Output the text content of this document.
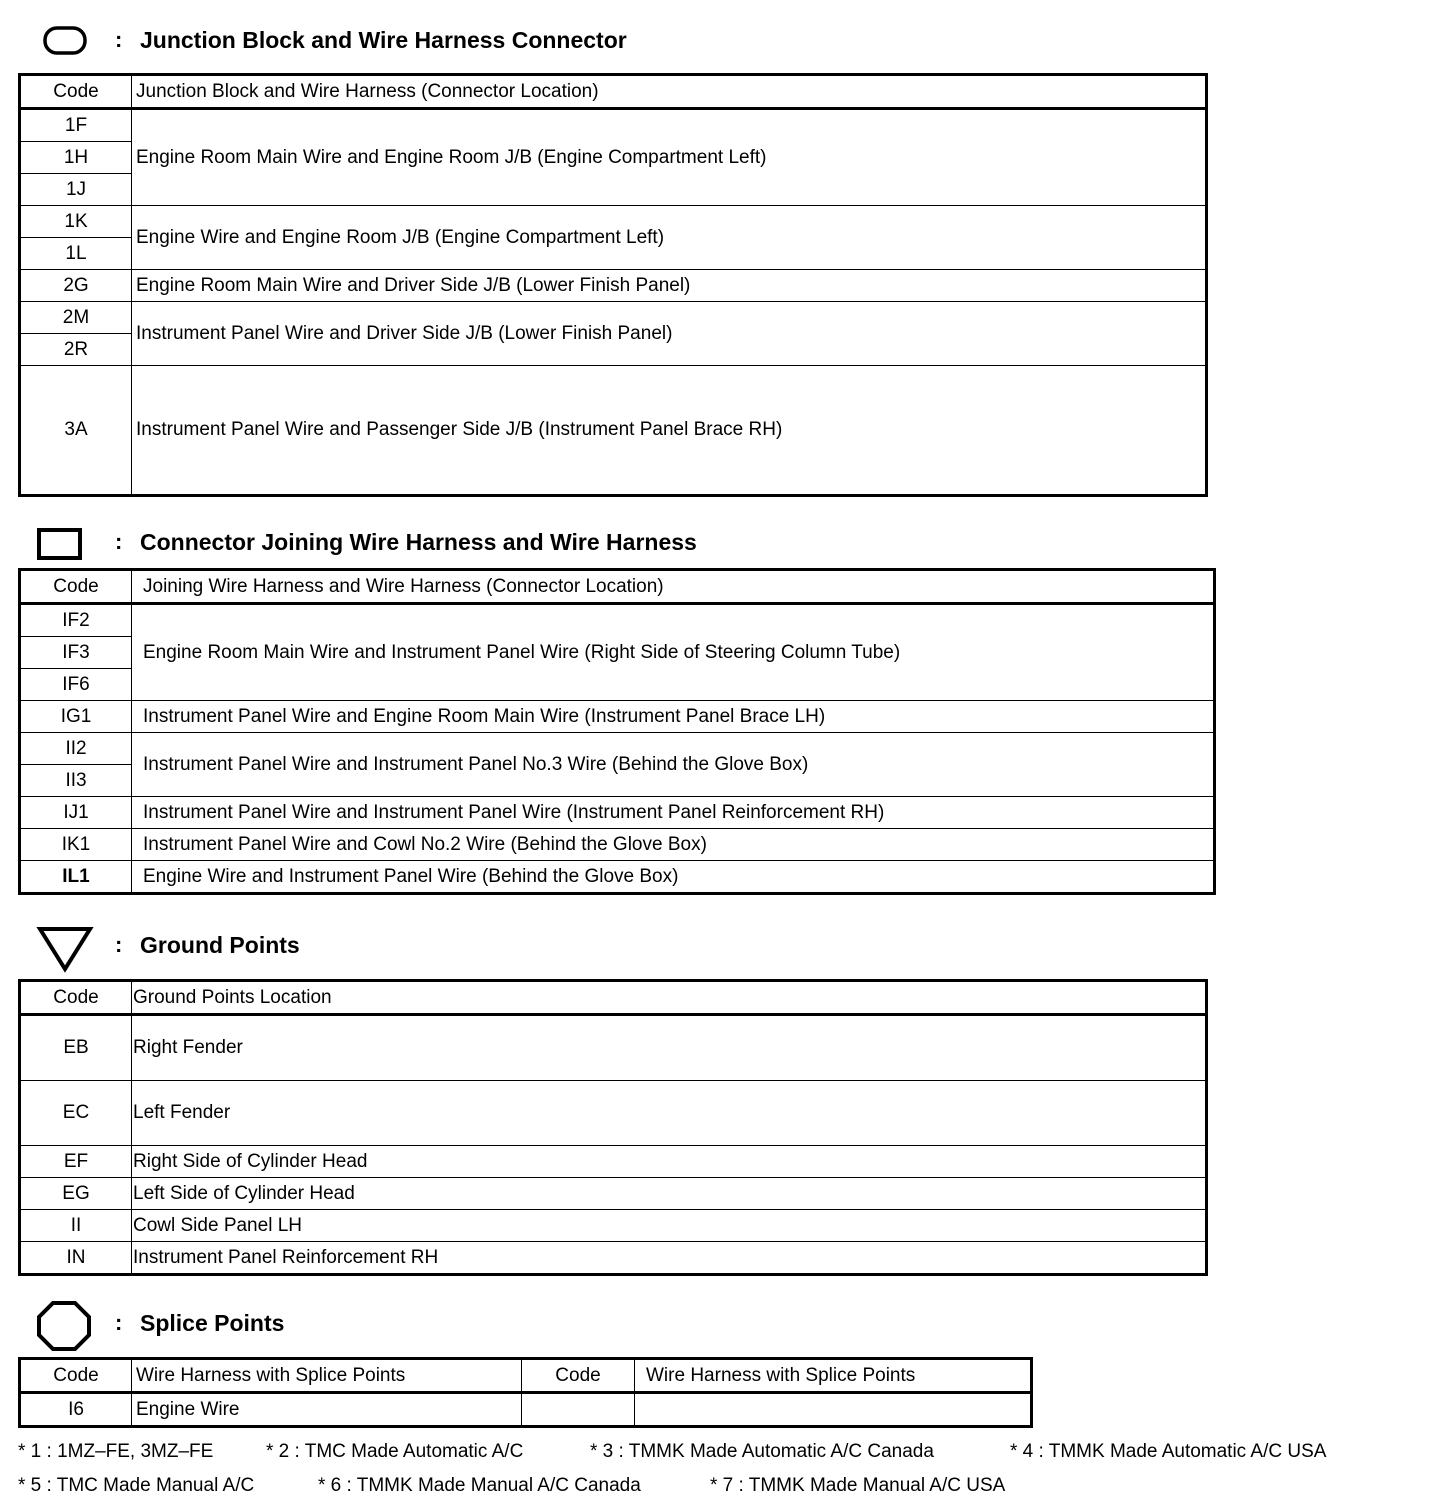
: Junction Block and Wire Harness Connector
Code	Junction Block and Wire Harness (Connector Location)
1F	Engine Room Main Wire and Engine Room J/B (Engine Compartment Left)
1H	
1J	
1K	Engine Wire and Engine Room J/B (Engine Compartment Left)
1L	
2G	Engine Room Main Wire and Driver Side J/B (Lower Finish Panel)
2M	Instrument Panel Wire and Driver Side J/B (Lower Finish Panel)
2R	
3A	Instrument Panel Wire and Passenger Side J/B (Instrument Panel Brace RH)
: Connector Joining Wire Harness and Wire Harness
Code	Joining Wire Harness and Wire Harness (Connector Location)
IF2	Engine Room Main Wire and Instrument Panel Wire (Right Side of Steering Column Tube)
IF3	
IF6	
IG1	Instrument Panel Wire and Engine Room Main Wire (Instrument Panel Brace LH)
II2	Instrument Panel Wire and Instrument Panel No.3 Wire (Behind the Glove Box)
II3	
IJ1	Instrument Panel Wire and Instrument Panel Wire (Instrument Panel Reinforcement RH)
IK1	Instrument Panel Wire and Cowl No.2 Wire (Behind the Glove Box)
IL1	Engine Wire and Instrument Panel Wire (Behind the Glove Box)
: Ground Points
Code	Ground Points Location
EB	Right Fender
EC	Left Fender
EF	Right Side of Cylinder Head
EG	Left Side of Cylinder Head
II	Cowl Side Panel LH
IN	Instrument Panel Reinforcement RH
: Splice Points
Code	Wire Harness with Splice Points	Code	Wire Harness with Splice Points
I6	Engine Wire		
* 1 : 1MZ–FE, 3MZ–FE	* 2 : TMC Made Automatic A/C	* 3 : TMMK Made Automatic A/C Canada	* 4 : TMMK Made Automatic A/C USA
* 5 : TMC Made Manual A/C	* 6 : TMMK Made Manual A/C Canada	* 7 : TMMK Made Manual A/C USA
